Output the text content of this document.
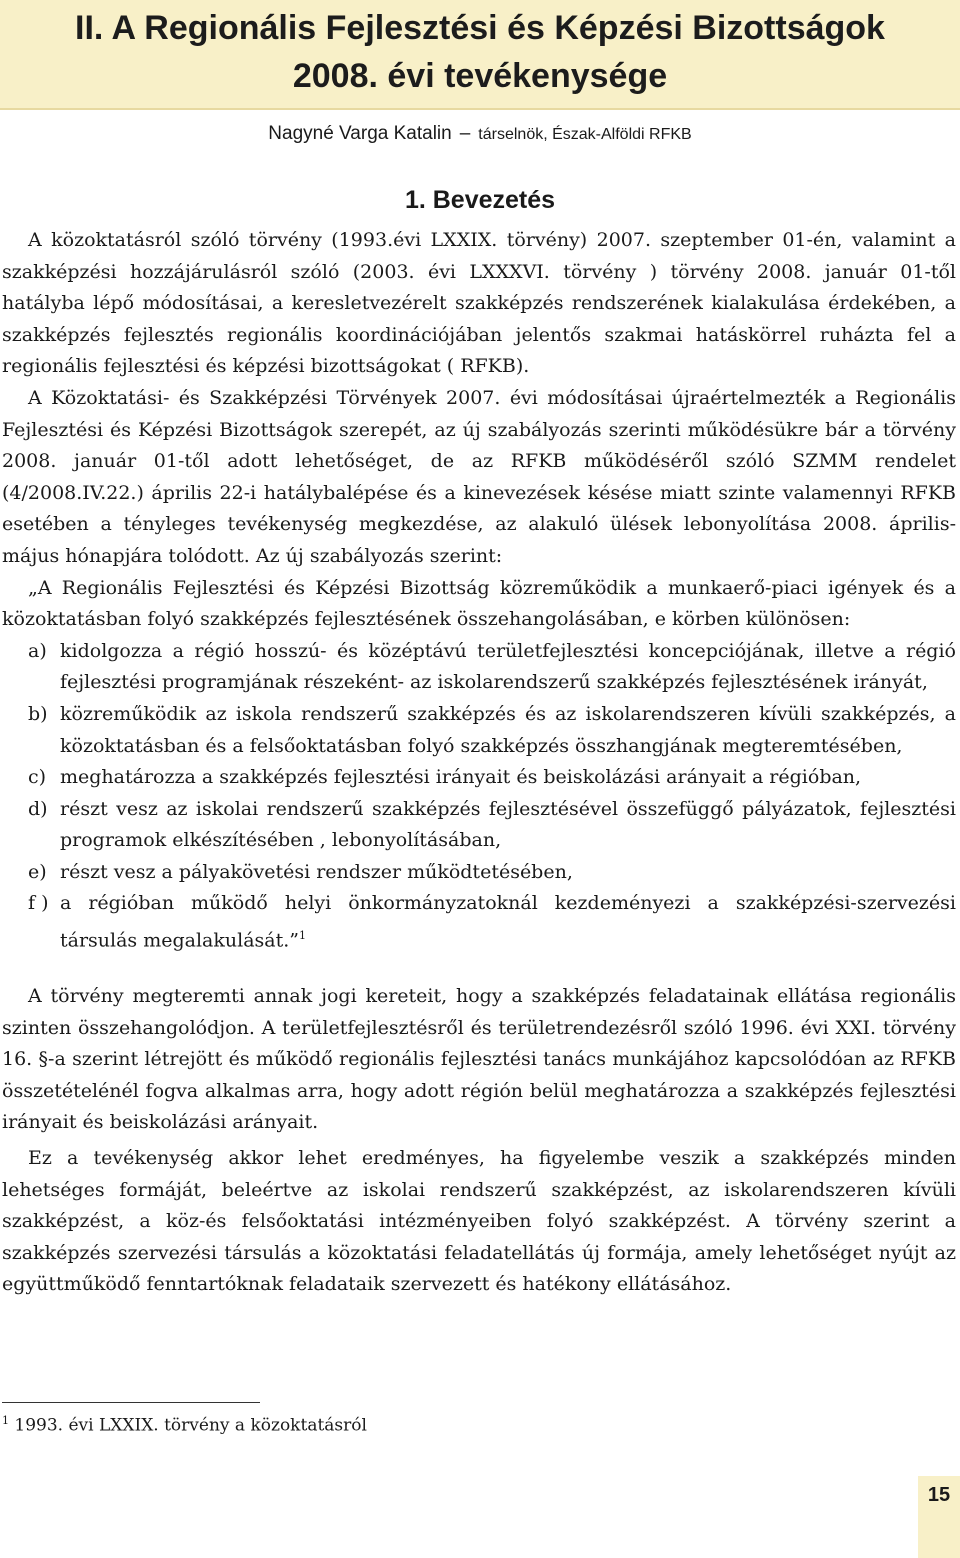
II. A Regionális Fejlesztési és Képzési Bizottságok
2008. évi tevékenysége
Nagyné Varga Katalin – társelnök, Észak-Alföldi RFKB
1. Bevezetés

A közoktatásról szóló törvény (1993.évi LXXIX. törvény) 2007. szeptember 01-én, valamint a szakképzési hozzájárulásról szóló (2003. évi LXXXVI. törvény ) törvény 2008. január 01-től hatályba lépő módosításai, a keresletvezérelt szakképzés rendszerének kialakulása érdekében, a szakképzés fejlesztés regionális koordinációjában jelentős szakmai hatáskörrel ruházta fel a regionális fejlesztési és képzési bizottságokat ( RFKB).

A Közoktatási- és Szakképzési Törvények 2007. évi módosításai újraértelmezték a Regionális Fejlesztési és Képzési Bizottságok szerepét, az új szabályozás szerinti működésükre bár a törvény 2008. január 01-től adott lehetőséget, de az RFKB működéséről szóló SZMM rendelet (4/2008.IV.22.) április 22-i hatálybalépése és a kinevezések késése miatt szinte valamennyi RFKB esetében a tényleges tevékenység megkezdése, az alakuló ülések lebonyolítása 2008. április-május hónapjára tolódott. Az új szabályozás szerint:

„A Regionális Fejlesztési és Képzési Bizottság közreműködik a munkaerő-piaci igények és a közoktatásban folyó szakképzés fejlesztésének összehangolásában, e körben különösen:

a) kidolgozza a régió hosszú- és középtávú területfejlesztési koncepciójának, illetve a régió fejlesztési programjának részeként- az iskolarendszerű szakképzés fejlesztésének irányát,
b) közreműködik az iskola rendszerű szakképzés és az iskolarendszeren kívüli szakképzés, a közoktatásban és a felsőoktatásban folyó szakképzés összhangjának megteremtésében,
c) meghatározza a szakképzés fejlesztési irányait és beiskolázási arányait a régióban,
d) részt vesz az iskolai rendszerű szakképzés fejlesztésével összefüggő pályázatok, fejlesztési programok elkészítésében , lebonyolításában,
e) részt vesz a pályakövetési rendszer működtetésében,
f ) a régióban működő helyi önkormányzatoknál kezdeményezi a szakképzési-szervezési társulás megalakulását.”$^1$

A törvény megteremti annak jogi kereteit, hogy a szakképzés feladatainak ellátása regionális szinten összehangolódjon. A területfejlesztésről és területrendezésről szóló 1996. évi XXI. törvény 16. §-a szerint létrejött és működő regionális fejlesztési tanács munkájához kapcsolódóan az RFKB összetételénél fogva alkalmas arra, hogy adott régión belül meghatározza a szakképzés fejlesztési irányait és beiskolázási arányait.

Ez a tevékenység akkor lehet eredményes, ha figyelembe veszik a szakképzés minden lehetséges formáját, beleértve az iskolai rendszerű szakképzést, az iskolarendszeren kívüli szakképzést, a köz-és felsőoktatási intézményeiben folyó szakképzést. A törvény szerint a szakképzés szervezési társulás a közoktatási feladatellátás új formája, amely lehetőséget nyújt az együttműködő fenntartóknak feladataik szervezett és hatékony ellátásához.

$^1$ 1993. évi LXXIX. törvény a közoktatásról
15
